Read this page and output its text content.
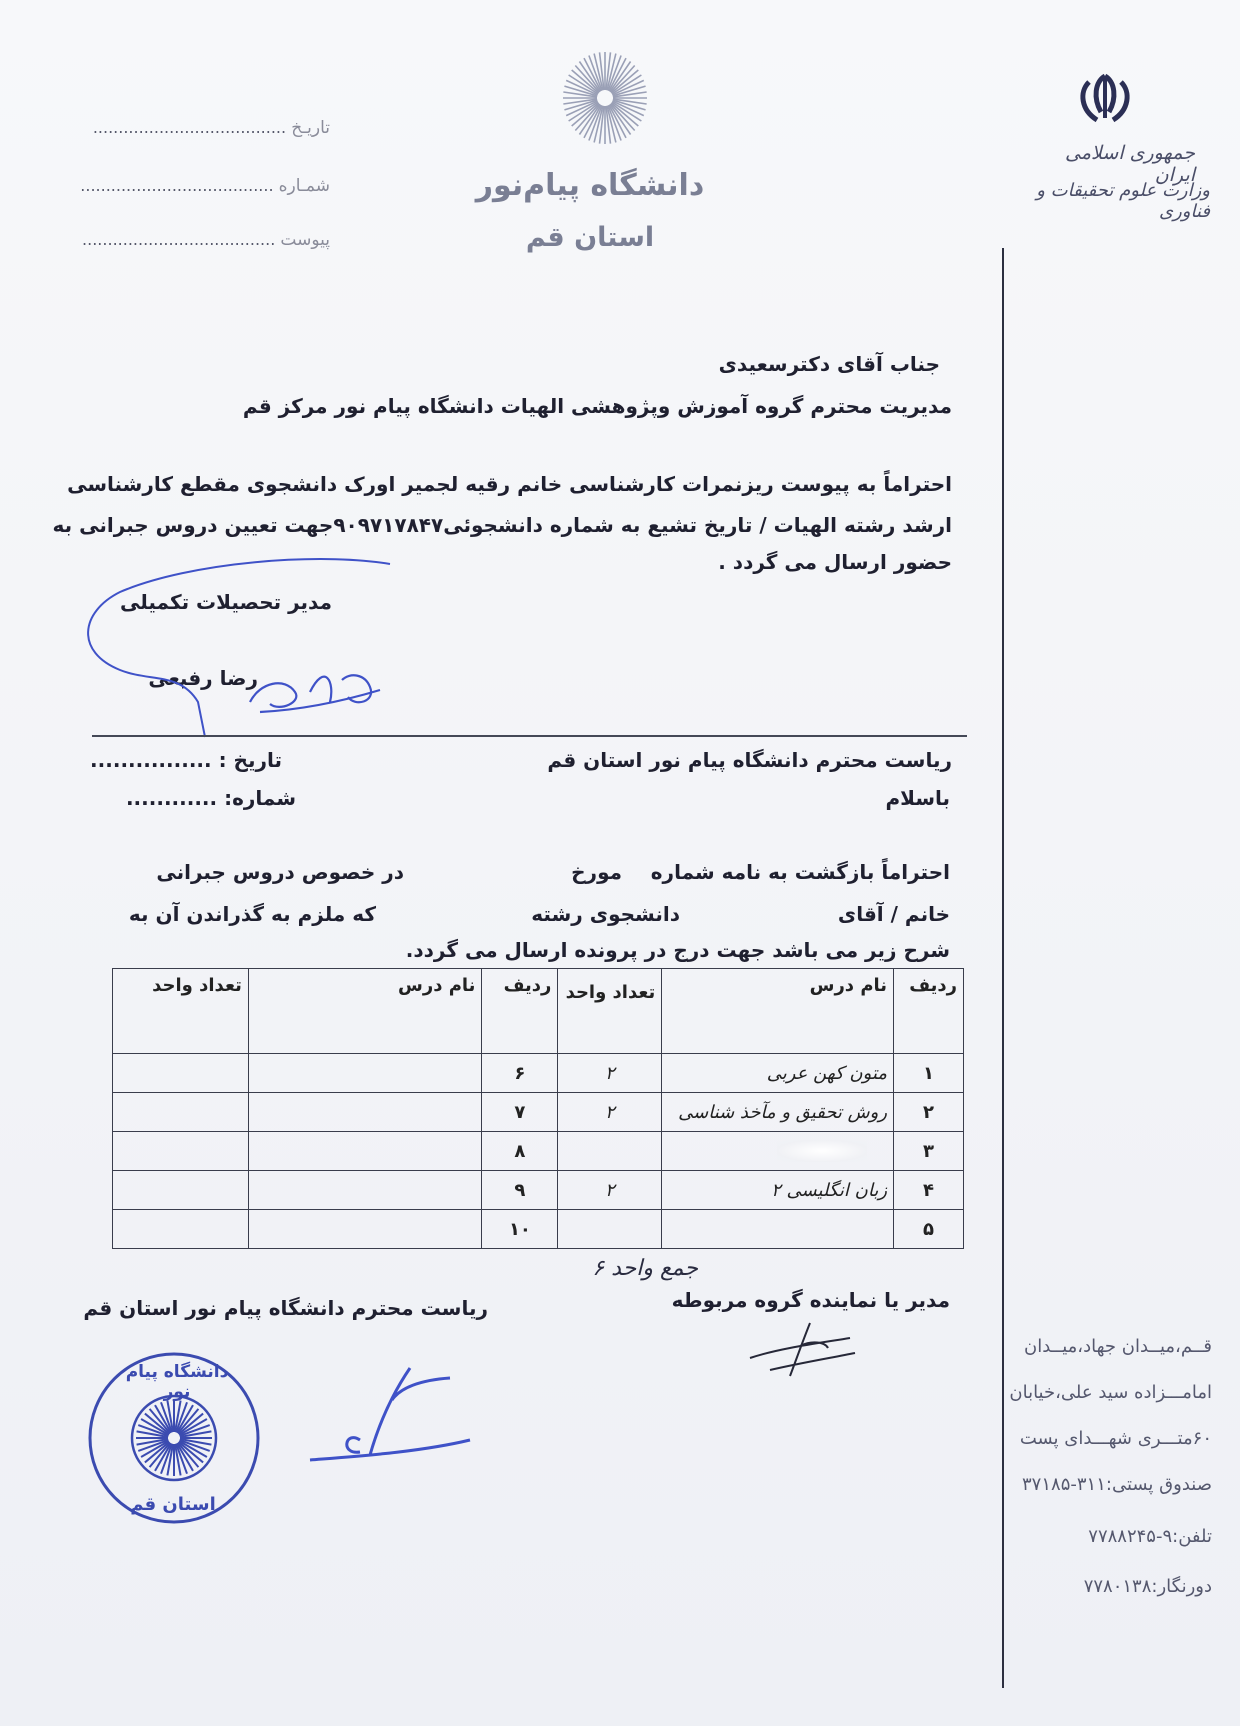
جمهوری اسلامی ایران
وزارت علوم تحقیقات و فناوری
دانشگاه پیام‌نور
استان قم
تاریـخ ......................................
شمـاره ......................................
پیوست ......................................
جناب آقای دکترسعیدی
مدیریت محترم گروه آموزش وپژوهشی الهیات دانشگاه پیام نور مرکز قم
احتراماً به پیوست ریزنمرات کارشناسی خانم رقیه لجمیر اورک دانشجوی مقطع کارشناسی
ارشد رشته الهیات / تاریخ تشیع به شماره دانشجوئی۹۰۹۷۱۷۸۴۷جهت تعیین دروس جبرانی به
حضور ارسال می گردد .
مدیر تحصیلات تکمیلی
رضا رفیعی
تاریخ : ................
شماره: ............
ریاست محترم دانشگاه پیام نور استان قم
باسلام
احتراماً بازگشت به نامه شماره
مورخ
در خصوص دروس جبرانی
خانم / آقای
دانشجوی رشته
که ملزم به گذراندن آن به
شرح زیر می باشد جهت درج در پرونده ارسال می گردد.
ردیف	نام درس	تعداد واحد	ردیف	نام درس	تعداد واحد
۱	متون کهن عربی	۲	۶		
۲	روش تحقیق و مآخذ شناسی	۲	۷		
۳			۸		
۴	زبان انگلیسی ۲	۲	۹		
۵			۱۰		
جمع واحد ۶
مدیر یا نماینده گروه مربوطه
ریاست محترم دانشگاه پیام نور استان قم
دانشگاه پیام نور
استان قم
قــم،میــدان جهاد،میــدان
امامـــزاده سید علی،خیابان
۶۰متـــری شهـــدای پست
صندوق پستی:۳۱۱-۳۷۱۸۵
تلفن:۹-۷۷۸۸۲۴۵
دورنگار:۷۷۸۰۱۳۸
